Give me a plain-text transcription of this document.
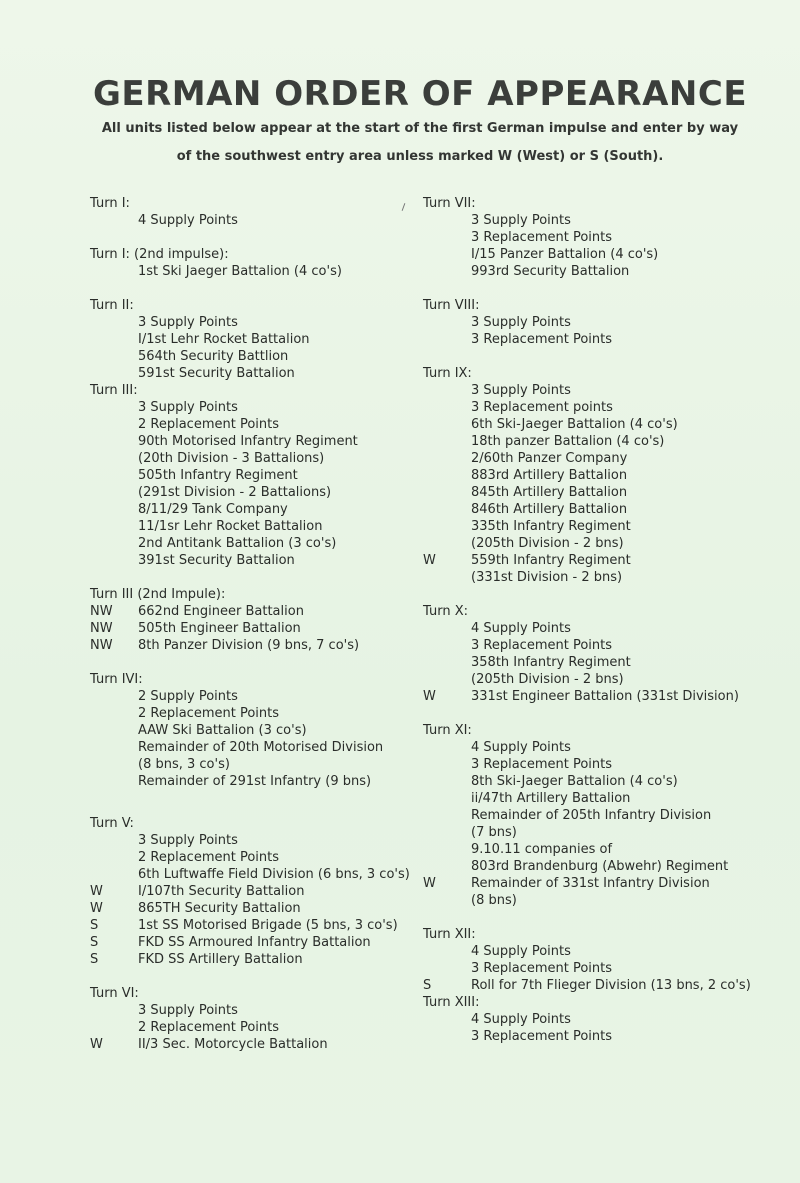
GERMAN ORDER OF APPEARANCE
All units listed below appear at the start of the first German impulse and enter by way
of the southwest entry area unless marked W (West) or S (South).
Turn I:
4 Supply Points
Turn I: (2nd impulse):
1st Ski Jaeger Battalion (4 co's)
Turn II:
3 Supply Points
I/1st Lehr Rocket Battalion
564th Security Battlion
591st Security Battalion
Turn III:
3 Supply Points
2 Replacement Points
90th Motorised Infantry Regiment
(20th Division - 3 Battalions)
505th Infantry Regiment
(291st Division - 2 Battalions)
8/11/29 Tank Company
11/1sr Lehr Rocket Battalion
2nd Antitank Battalion (3 co's)
391st Security Battalion
Turn III (2nd Impule):
NW 662nd Engineer Battalion
NW 505th Engineer Battalion
NW 8th Panzer Division (9 bns, 7 co's)
Turn IVI:
2 Supply Points
2 Replacement Points
AAW Ski Battalion (3 co's)
Remainder of 20th Motorised Division
(8 bns, 3 co's)
Remainder of 291st Infantry (9 bns)
Turn V:
3 Supply Points
2 Replacement Points
6th Luftwaffe Field Division (6 bns, 3 co's)
W	I/107th Security Battalion
W	865TH Security Battalion
S	1st SS Motorised Brigade (5 bns, 3 co's)
S	FKD SS Armoured Infantry Battalion
S	FKD SS Artillery Battalion
Turn VI:
3 Supply Points
2 Replacement Points
W	II/3 Sec. Motorcycle Battalion
Turn VII:
3 Supply Points
3 Replacement Points
I/15 Panzer Battalion (4 co's)
993rd Security Battalion
Turn VIII:
3 Supply Points
3 Replacement Points
Turn IX:
3 Supply Points
3 Replacement points
6th Ski-Jaeger Battalion (4 co's)
18th panzer Battalion (4 co's)
2/60th Panzer Company
883rd Artillery Battalion
845th Artillery Battalion
846th Artillery Battalion
335th Infantry Regiment
(205th Division - 2 bns)
W	559th Infantry Regiment
(331st Division - 2 bns)
Turn X:
4 Supply Points
3 Replacement Points
358th Infantry Regiment
(205th Division - 2 bns)
W	331st Engineer Battalion (331st Division)
Turn XI:
4 Supply Points
3 Replacement Points
8th Ski-Jaeger Battalion (4 co's)
ii/47th Artillery Battalion
Remainder of 205th Infantry Division
(7 bns)
9.10.11 companies of
803rd Brandenburg (Abwehr) Regiment
W	Remainder of 331st Infantry Division
(8 bns)
Turn XII:
4 Supply Points
3 Replacement Points
S	Roll for 7th Flieger Division (13 bns, 2 co's)
Turn XIII:
4 Supply Points
3 Replacement Points
